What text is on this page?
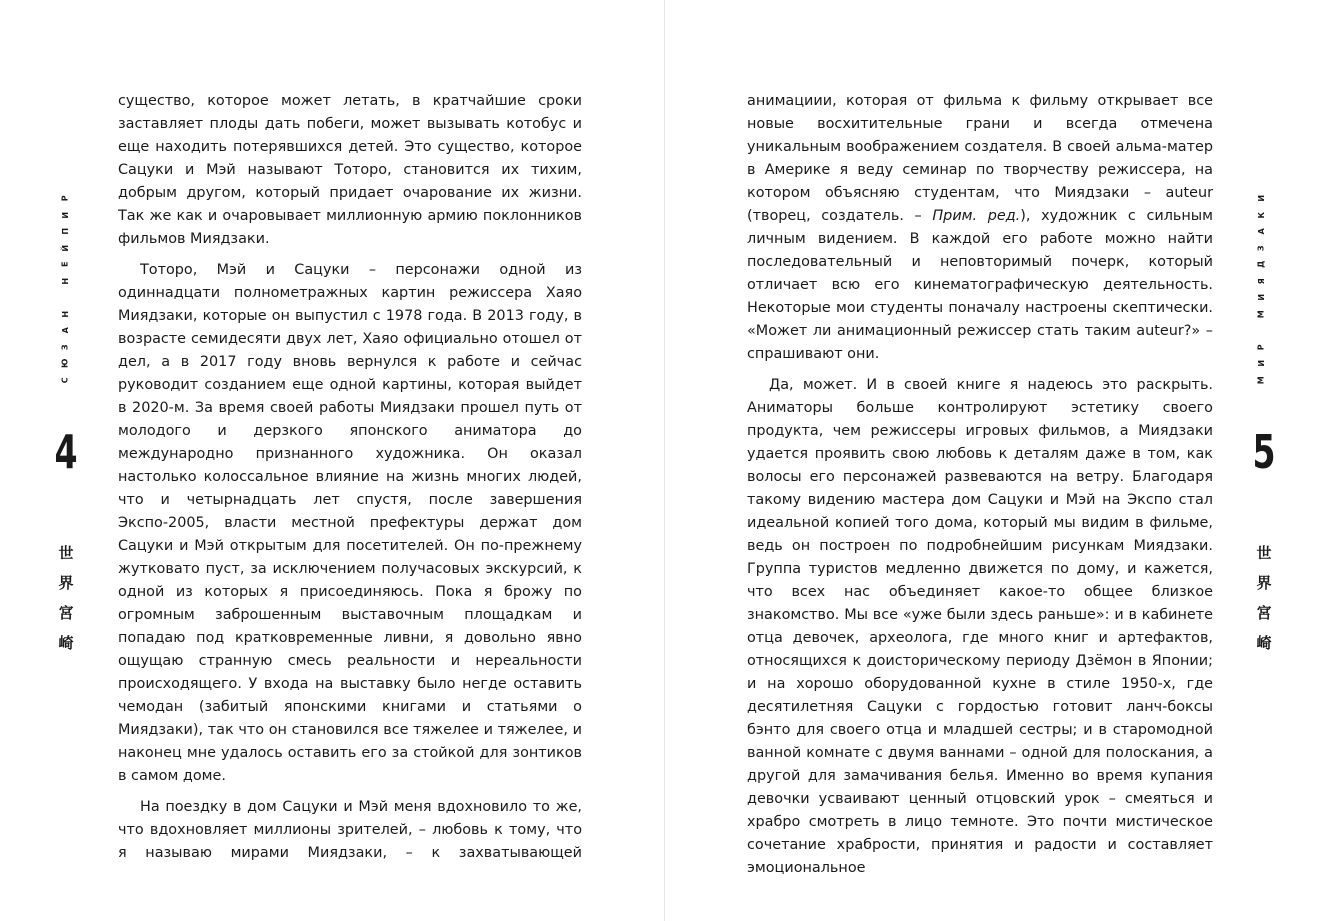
Р
И
П
Й
Е
Н
Н
А
З
Ю
С
4
世
界
宮
崎

существо, которое может летать, в кратчайшие сроки заставляет плоды дать побеги, может вызывать котобус и еще находить потерявшихся детей. Это существо, которое Сацуки и Мэй называют Тоторо, становится их тихим, добрым другом, который придает очарование их жизни. Так же как и очаровывает миллионную армию поклонников фильмов Миядзаки.

Тоторо, Мэй и Сацуки – персонажи одной из одиннадцати полнометражных картин режиссера Хаяо Миядзаки, которые он выпустил с 1978 года. В 2013 году, в возрасте семидесяти двух лет, Хаяо официально отошел от дел, а в 2017 году вновь вернулся к работе и сейчас руководит созданием еще одной картины, которая выйдет в 2020-м. За время своей работы Миядзаки прошел путь от молодого и дерзкого японского аниматора до международно признанного художника. Он оказал настолько колоссальное влияние на жизнь многих людей, что и четырнадцать лет спустя, после завершения Экспо-2005, власти местной префектуры держат дом Сацуки и Мэй открытым для посетителей. Он по-прежнему жутковато пуст, за исключением получасовых экскурсий, к одной из которых я присоединяюсь. Пока я брожу по огромным заброшенным выставочным площадкам и попадаю под кратковременные ливни, я довольно явно ощущаю странную смесь реальности и нереальности происходящего. У входа на выставку было негде оставить чемодан (забитый японскими книгами и статьями о Миядзаки), так что он становился все тяжелее и тяжелее, и наконец мне удалось оставить его за стойкой для зонтиков в самом доме.

На поездку в дом Сацуки и Мэй меня вдохновило то же, что вдохновляет миллионы зрителей, – любовь к тому, что я называю мирами Миядзаки, – к захватывающей

анимациии, которая от фильма к фильму открывает все новые восхитительные грани и всегда отмечена уникальным воображением создателя. В своей альма-матер в Америке я веду семинар по творчеству режиссера, на котором объясняю студентам, что Миядзаки – auteur (творец, создатель. – Прим. ред.), художник с сильным личным видением. В каждой его работе можно найти последовательный и неповторимый почерк, который отличает всю его кинематографическую деятельность. Некоторые мои студенты поначалу настроены скептически. «Может ли анимационный режиссер стать таким auteur?» – спрашивают они.

Да, может. И в своей книге я надеюсь это раскрыть. Аниматоры больше контролируют эстетику своего продукта, чем режиссеры игровых фильмов, а Миядзаки удается проявить свою любовь к деталям даже в том, как волосы его персонажей развеваются на ветру. Благодаря такому видению мастера дом Сацуки и Мэй на Экспо стал идеальной копией того дома, который мы видим в фильме, ведь он построен по подробнейшим рисункам Миядзаки. Группа туристов медленно движется по дому, и кажется, что всех нас объединяет какое-то общее близкое знакомство. Мы все «уже были здесь раньше»: и в кабинете отца девочек, археолога, где много книг и артефактов, относящихся к доисторическому периоду Дзёмон в Японии; и на хорошо оборудованной кухне в стиле 1950-х, где десятилетняя Сацуки с гордостью готовит ланч-боксы бэнто для своего отца и младшей сестры; и в старомодной ванной комнате с двумя ваннами – одной для полоскания, а другой для замачивания белья. Именно во время купания девочки усваивают ценный отцовский урок – смеяться и храбро смотреть в лицо темноте. Это почти мистическое сочетание храбрости, принятия и радости и составляет эмоциональное

И
К
А
З
Д
Я
И
М
Р
И
М
5
世
界
宮
崎
